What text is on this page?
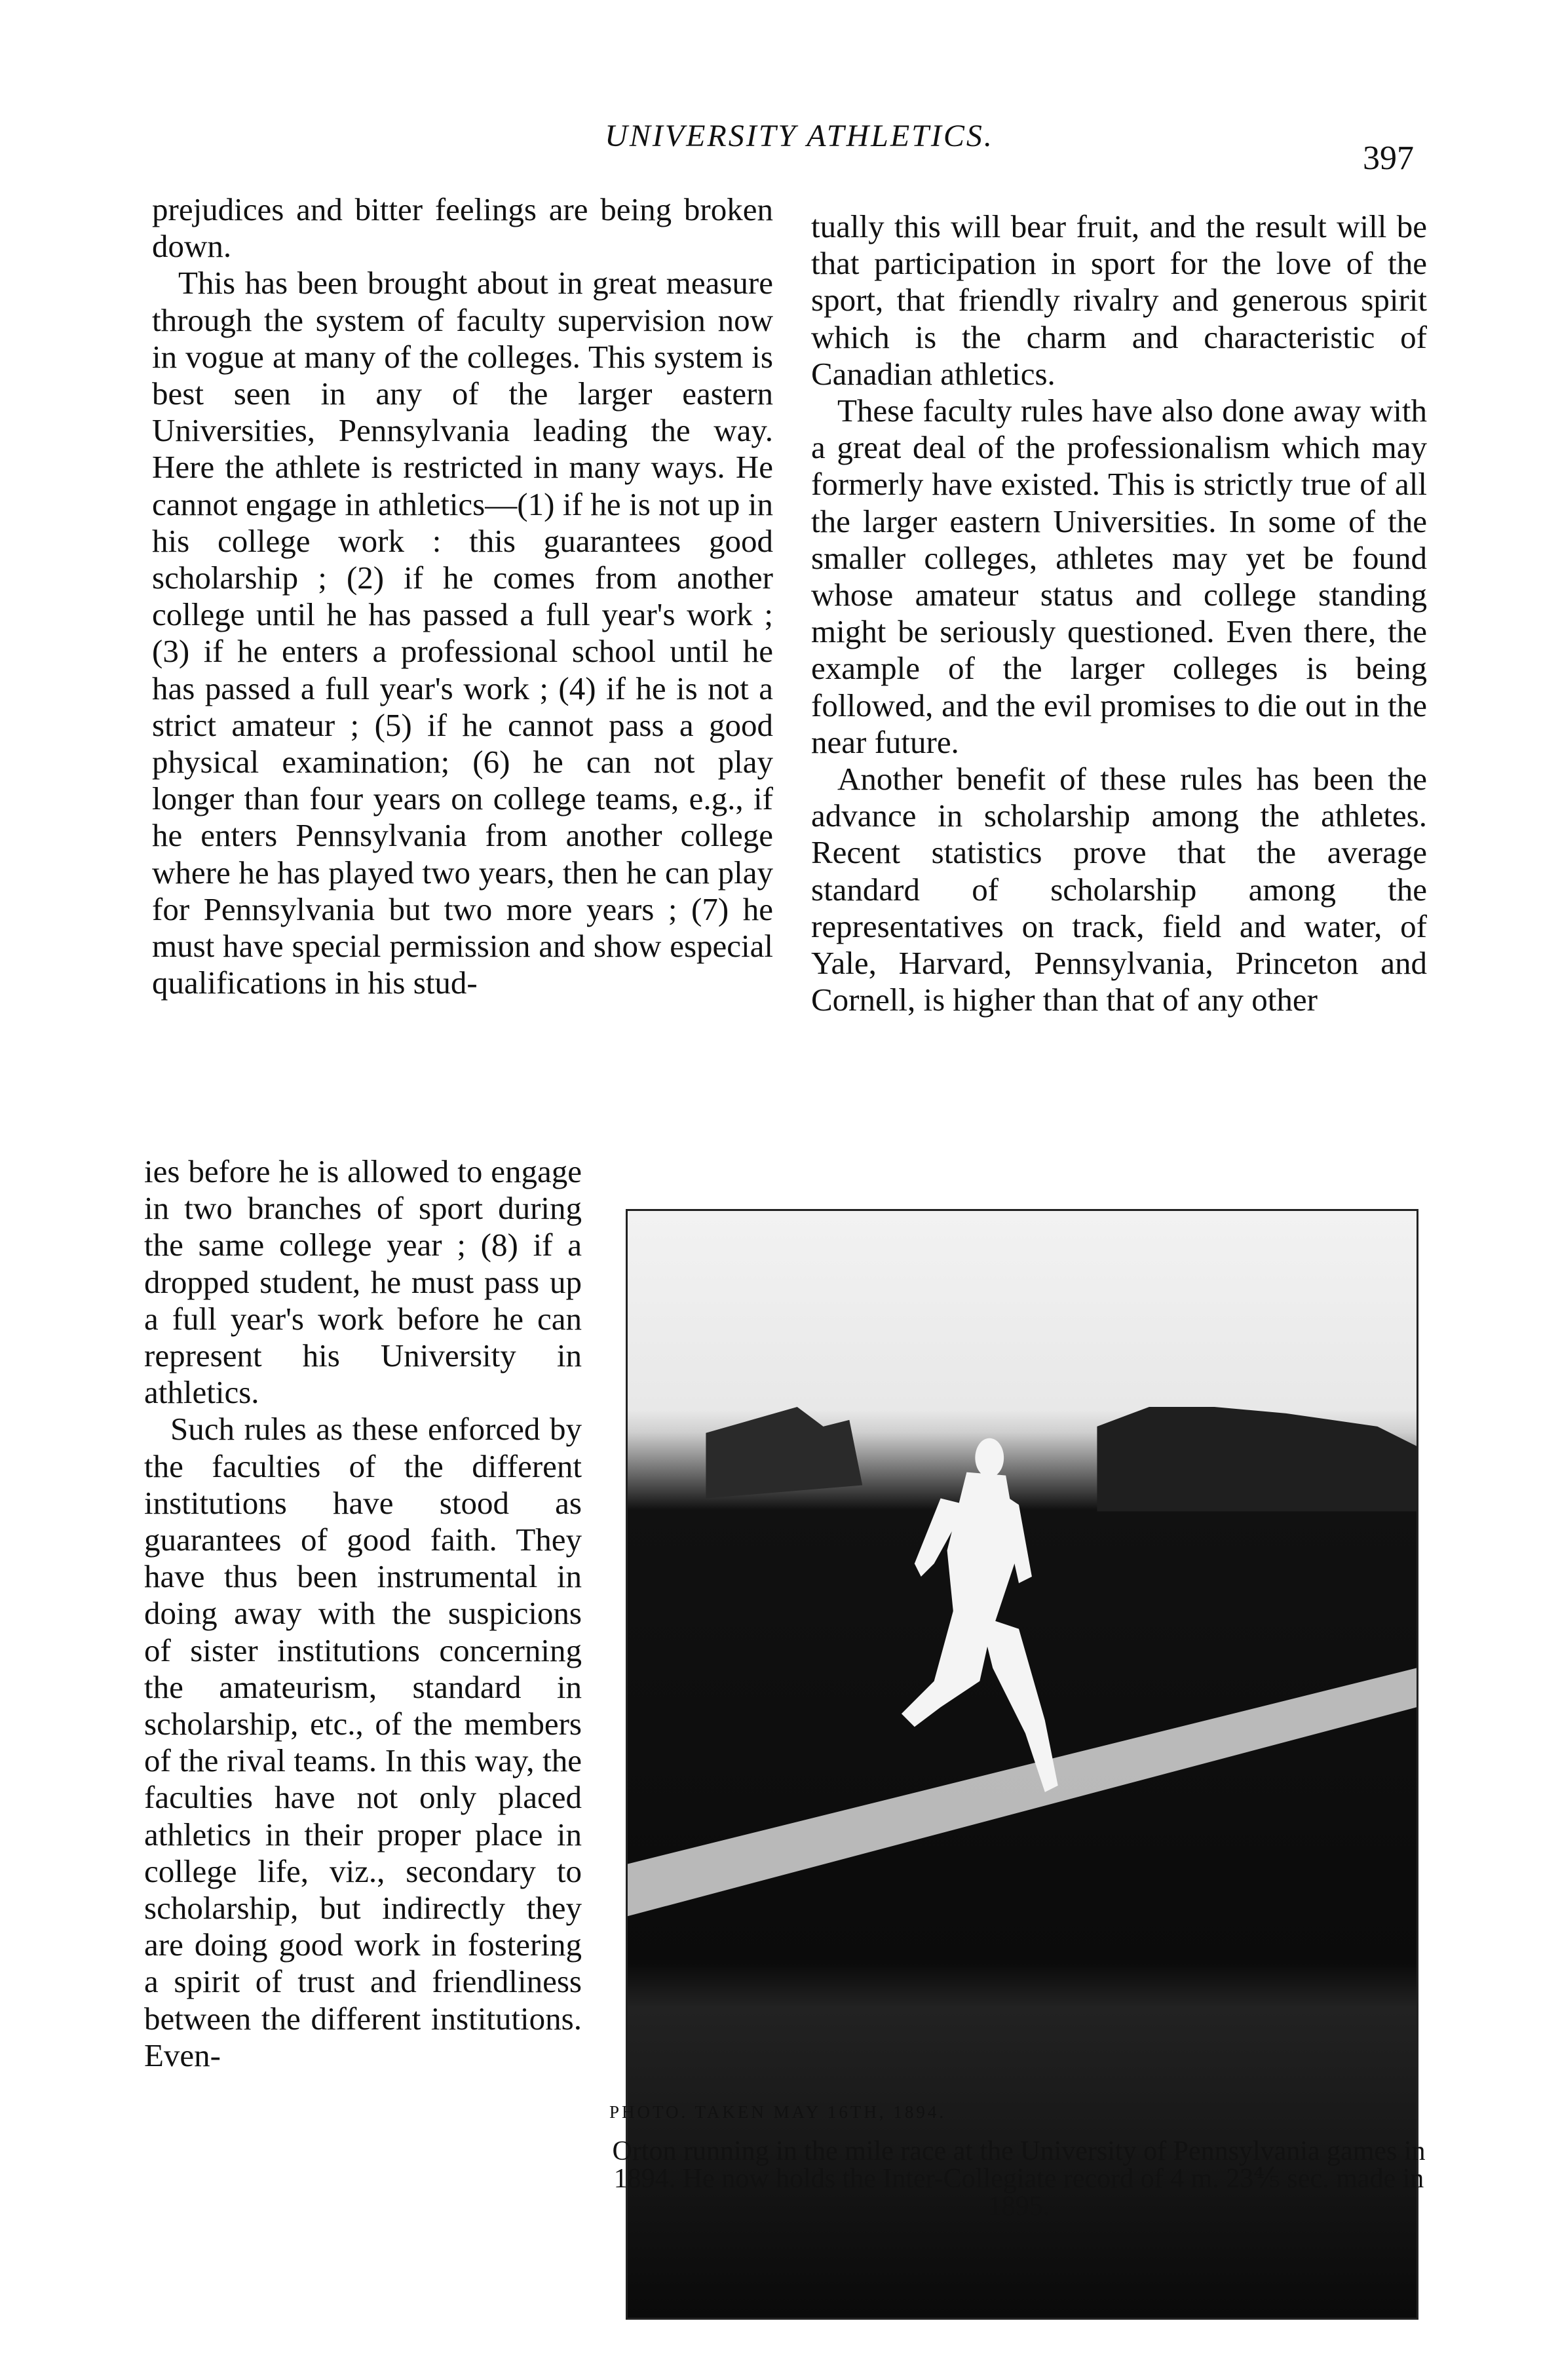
UNIVERSITY ATHLETICS.
397

prejudices and bitter feelings are being broken down.

This has been brought about in great measure through the system of faculty supervision now in vogue at many of the colleges. This system is best seen in any of the larger eastern Universities, Pennsylvania leading the way. Here the athlete is restricted in many ways. He cannot engage in athletics—(1) if he is not up in his college work : this guarantees good scholarship ; (2) if he comes from another college until he has passed a full year's work ; (3) if he enters a professional school until he has passed a full year's work ; (4) if he is not a strict amateur ; (5) if he cannot pass a good physical examination; (6) he can not play longer than four years on college teams, e.g., if he enters Pennsylvania from another college where he has played two years, then he can play for Pennsylvania but two more years ; (7) he must have special permission and show especial qualifications in his stud-

ies before he is allowed to engage in two branches of sport during the same college year ; (8) if a dropped student, he must pass up a full year's work before he can represent his University in athletics.

Such rules as these enforced by the faculties of the different institutions have stood as guarantees of good faith. They have thus been instrumental in doing away with the suspicions of sister institutions concerning the amateurism, standard in scholarship, etc., of the members of the rival teams. In this way, the faculties have not only placed athletics in their proper place in college life, viz., secondary to scholarship, but indirectly they are doing good work in fostering a spirit of trust and friendliness between the different institutions. Even-

tually this will bear fruit, and the result will be that participation in sport for the love of the sport, that friendly rivalry and generous spirit which is the charm and characteristic of Canadian athletics.

These faculty rules have also done away with a great deal of the professionalism which may formerly have existed. This is strictly true of all the larger eastern Universities. In some of the smaller colleges, athletes may yet be found whose amateur status and college standing might be seriously questioned. Even there, the example of the larger colleges is being followed, and the evil promises to die out in the near future.

Another benefit of these rules has been the advance in scholarship among the athletes. Recent statistics prove that the average standard of scholarship among the representatives on track, field and water, of Yale, Harvard, Pennsylvania, Princeton and Cornell, is higher than that of any other

PHOTO. TAKEN MAY 16TH, 1894.
Orton running in the mile race at the University of Pennsylvania games in 1894. He now holds the Inter-Collegiate record of 4 m. 23⅘ sec. made in 1895.
